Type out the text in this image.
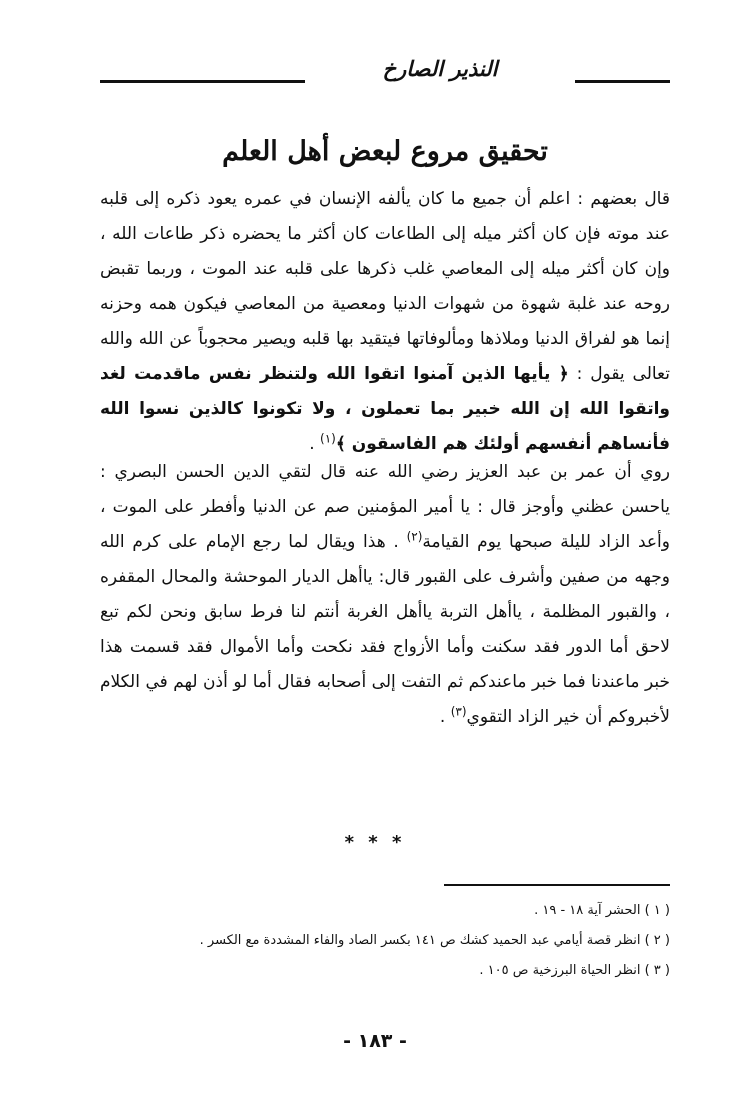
النذير الصارخ
تحقيق مروع لبعض أهل العلم

قال بعضهم : اعلم أن جميع ما كان يألفه الإنسان في عمره يعود ذكره إلى قلبه عند موته فإن كان أكثر ميله إلى الطاعات كان أكثر ما يحضره ذكر طاعات الله ، وإن كان أكثر ميله إلى المعاصي غلب ذكرها على قلبه عند الموت ، وربما تقبض روحه عند غلبة شهوة من شهوات الدنيا ومعصية من المعاصي فيكون همه وحزنه إنما هو لفراق الدنيا وملاذها ومألوفاتها فيتقيد بها قلبه ويصير محجوباً عن الله والله تعالى يقول : ﴿ يأيها الذين آمنوا اتقوا الله ولتنظر نفس ماقدمت لغد واتقوا الله إن الله خبير بما تعملون ، ولا تكونوا كالذين نسوا الله فأنساهم أنفسهم أولئك هم الفاسقون ﴾$^{(١)}$ .

روي أن عمر بن عبد العزيز رضي الله عنه قال لتقي الدين الحسن البصري : ياحسن عظني وأوجز قال : يا أمير المؤمنين صم عن الدنيا وأفطر على الموت ، وأعد الزاد لليلة صبحها يوم القيامة$^{(٢)}$ . هذا ويقال لما رجع الإمام على كرم الله وجهه من صفين وأشرف على القبور قال: ياأهل الديار الموحشة والمحال المقفره ، والقبور المظلمة ، ياأهل التربة ياأهل الغربة أنتم لنا فرط سابق ونحن لكم تبع لاحق أما الدور فقد سكنت وأما الأزواج فقد نكحت وأما الأموال فقد قسمت هذا خبر ماعندنا فما خبر ماعندكم ثم التفت إلى أصحابه فقال أما لو أذن لهم في الكلام لأخبروكم أن خير الزاد التقوي$^{(٣)}$ .

* * *
( ١ ) الحشر آية ١٨ - ١٩ .
( ٢ ) انظر قصة أيامي عبد الحميد كشك ص ١٤١ بكسر الصاد والفاء المشددة مع الكسر .
( ٣ ) انظر الحياة البرزخية ص ١٠٥ .
- ١٨٣ -
